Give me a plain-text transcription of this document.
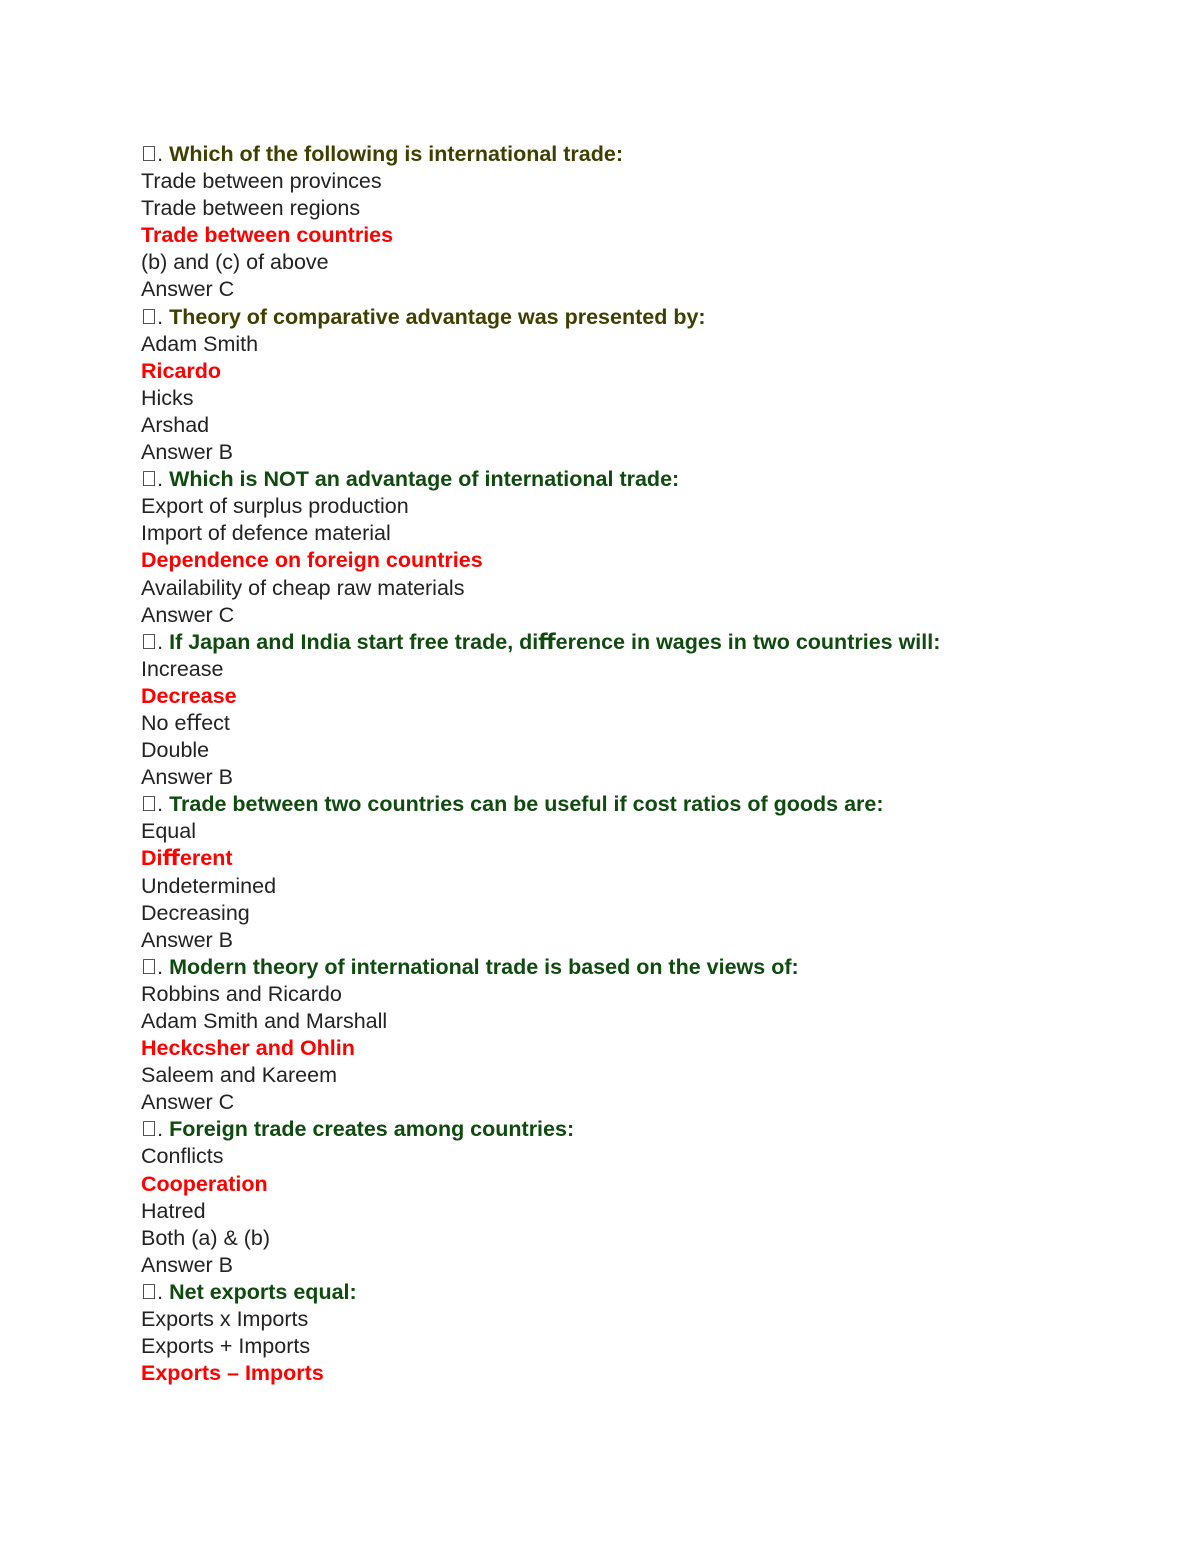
. Which of the following is international trade:
Trade between provinces
Trade between regions
Trade between countries
(b) and (c) of above
Answer C
. Theory of comparative advantage was presented by:
Adam Smith
Ricardo
Hicks
Arshad
Answer B
. Which is NOT an advantage of international trade:
Export of surplus production
Import of defence material
Dependence on foreign countries
Availability of cheap raw materials
Answer C
. If Japan and India start free trade, diﬀerence in wages in two countries will:
Increase
Decrease
No eﬀect
Double
Answer B
. Trade between two countries can be useful if cost ratios of goods are:
Equal
Diﬀerent
Undetermined
Decreasing
Answer B
. Modern theory of international trade is based on the views of:
Robbins and Ricardo
Adam Smith and Marshall
Heckcsher and Ohlin
Saleem and Kareem
Answer C
. Foreign trade creates among countries:
Conﬂicts
Cooperation
Hatred
Both (a) & (b)
Answer B
. Net exports equal:
Exports x Imports
Exports + Imports
Exports – Imports
